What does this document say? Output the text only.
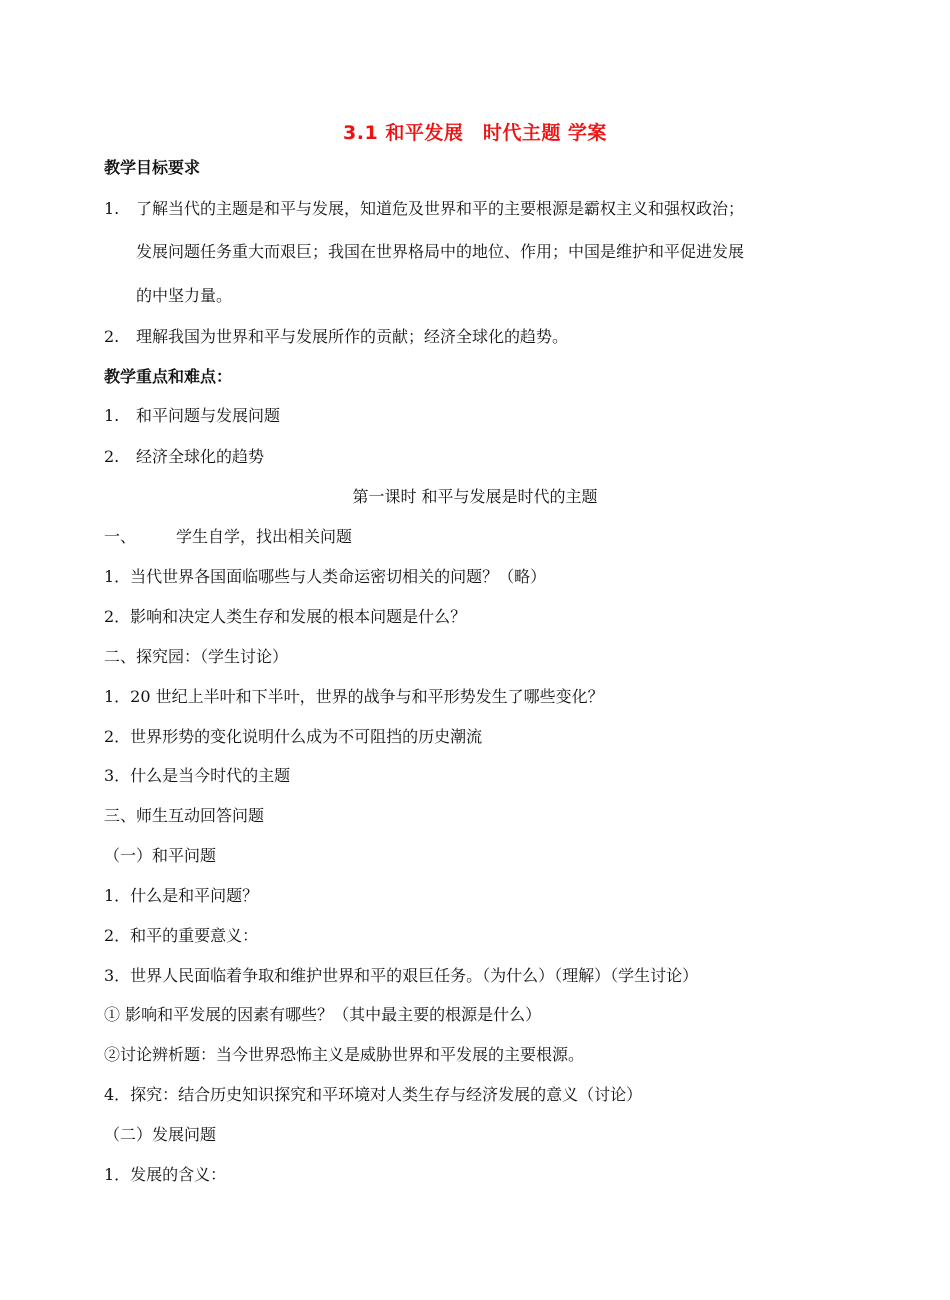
3.1 和平发展　时代主题 学案
教学目标要求
1. 了解当代的主题是和平与发展，知道危及世界和平的主要根源是霸权主义和强权政治；
发展问题任务重大而艰巨；我国在世界格局中的地位、作用；中国是维护和平促进发展
的中坚力量。
2. 理解我国为世界和平与发展所作的贡献；经济全球化的趋势。
教学重点和难点：
1. 和平问题与发展问题
2. 经济全球化的趋势
第一课时 和平与发展是时代的主题
一、 学生自学，找出相关问题
1．当代世界各国面临哪些与人类命运密切相关的问题？（略）
2．影响和决定人类生存和发展的根本问题是什么？
二、探究园：（学生讨论）
1．20 世纪上半叶和下半叶，世界的战争与和平形势发生了哪些变化？
2．世界形势的变化说明什么成为不可阻挡的历史潮流
3．什么是当今时代的主题
三、师生互动回答问题
（一）和平问题
1．什么是和平问题？
2．和平的重要意义：
3．世界人民面临着争取和维护世界和平的艰巨任务。（为什么）（理解）（学生讨论）
① 影响和平发展的因素有哪些？（其中最主要的根源是什么）
②讨论辨析题：当今世界恐怖主义是威胁世界和平发展的主要根源。
4．探究：结合历史知识探究和平环境对人类生存与经济发展的意义（讨论）
（二）发展问题
1．发展的含义：
